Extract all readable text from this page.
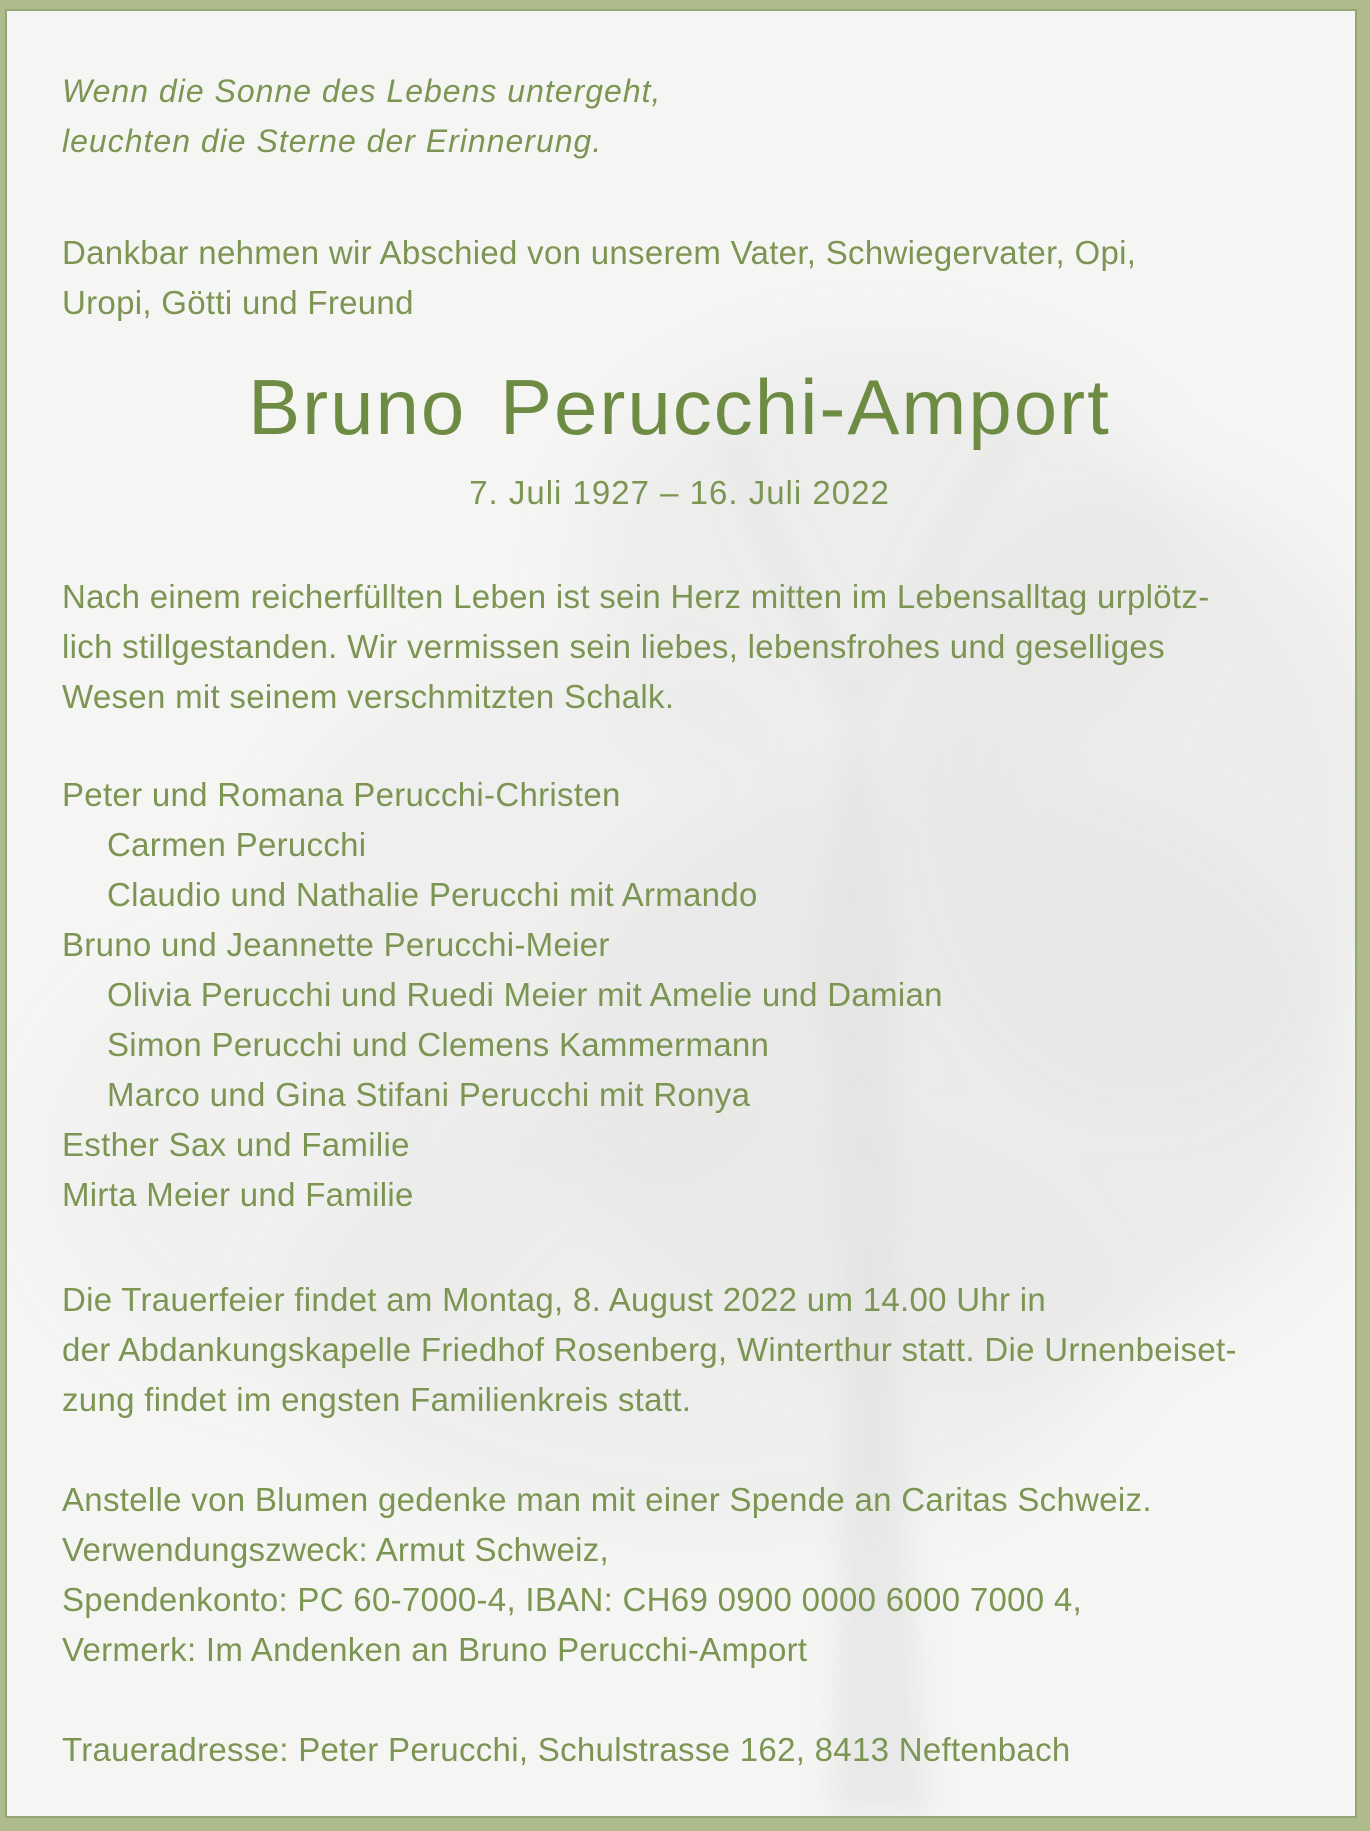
Wenn die Sonne des Lebens untergeht,
leuchten die Sterne der Erinnerung.
Dankbar nehmen wir Abschied von unserem Vater, Schwiegervater, Opi,
Uropi, Götti und Freund
Bruno Perucchi-Amport
7. Juli 1927 – 16. Juli 2022
Nach einem reicherfüllten Leben ist sein Herz mitten im Lebensalltag urplötz-
lich stillgestanden. Wir vermissen sein liebes, lebensfrohes und geselliges
Wesen mit seinem verschmitzten Schalk.
Peter und Romana Perucchi-Christen
Carmen Perucchi
Claudio und Nathalie Perucchi mit Armando
Bruno und Jeannette Perucchi-Meier
Olivia Perucchi und Ruedi Meier mit Amelie und Damian
Simon Perucchi und Clemens Kammermann
Marco und Gina Stifani Perucchi mit Ronya
Esther Sax und Familie
Mirta Meier und Familie
Die Trauerfeier findet am Montag, 8. August 2022 um 14.00 Uhr in
der Abdankungskapelle Friedhof Rosenberg, Winterthur statt. Die Urnenbeiset-
zung findet im engsten Familienkreis statt.
Anstelle von Blumen gedenke man mit einer Spende an Caritas Schweiz.
Verwendungszweck: Armut Schweiz,
Spendenkonto: PC 60-7000-4, IBAN: CH69 0900 0000 6000 7000 4,
Vermerk: Im Andenken an Bruno Perucchi-Amport
Traueradresse: Peter Perucchi, Schulstrasse 162, 8413 Neftenbach
